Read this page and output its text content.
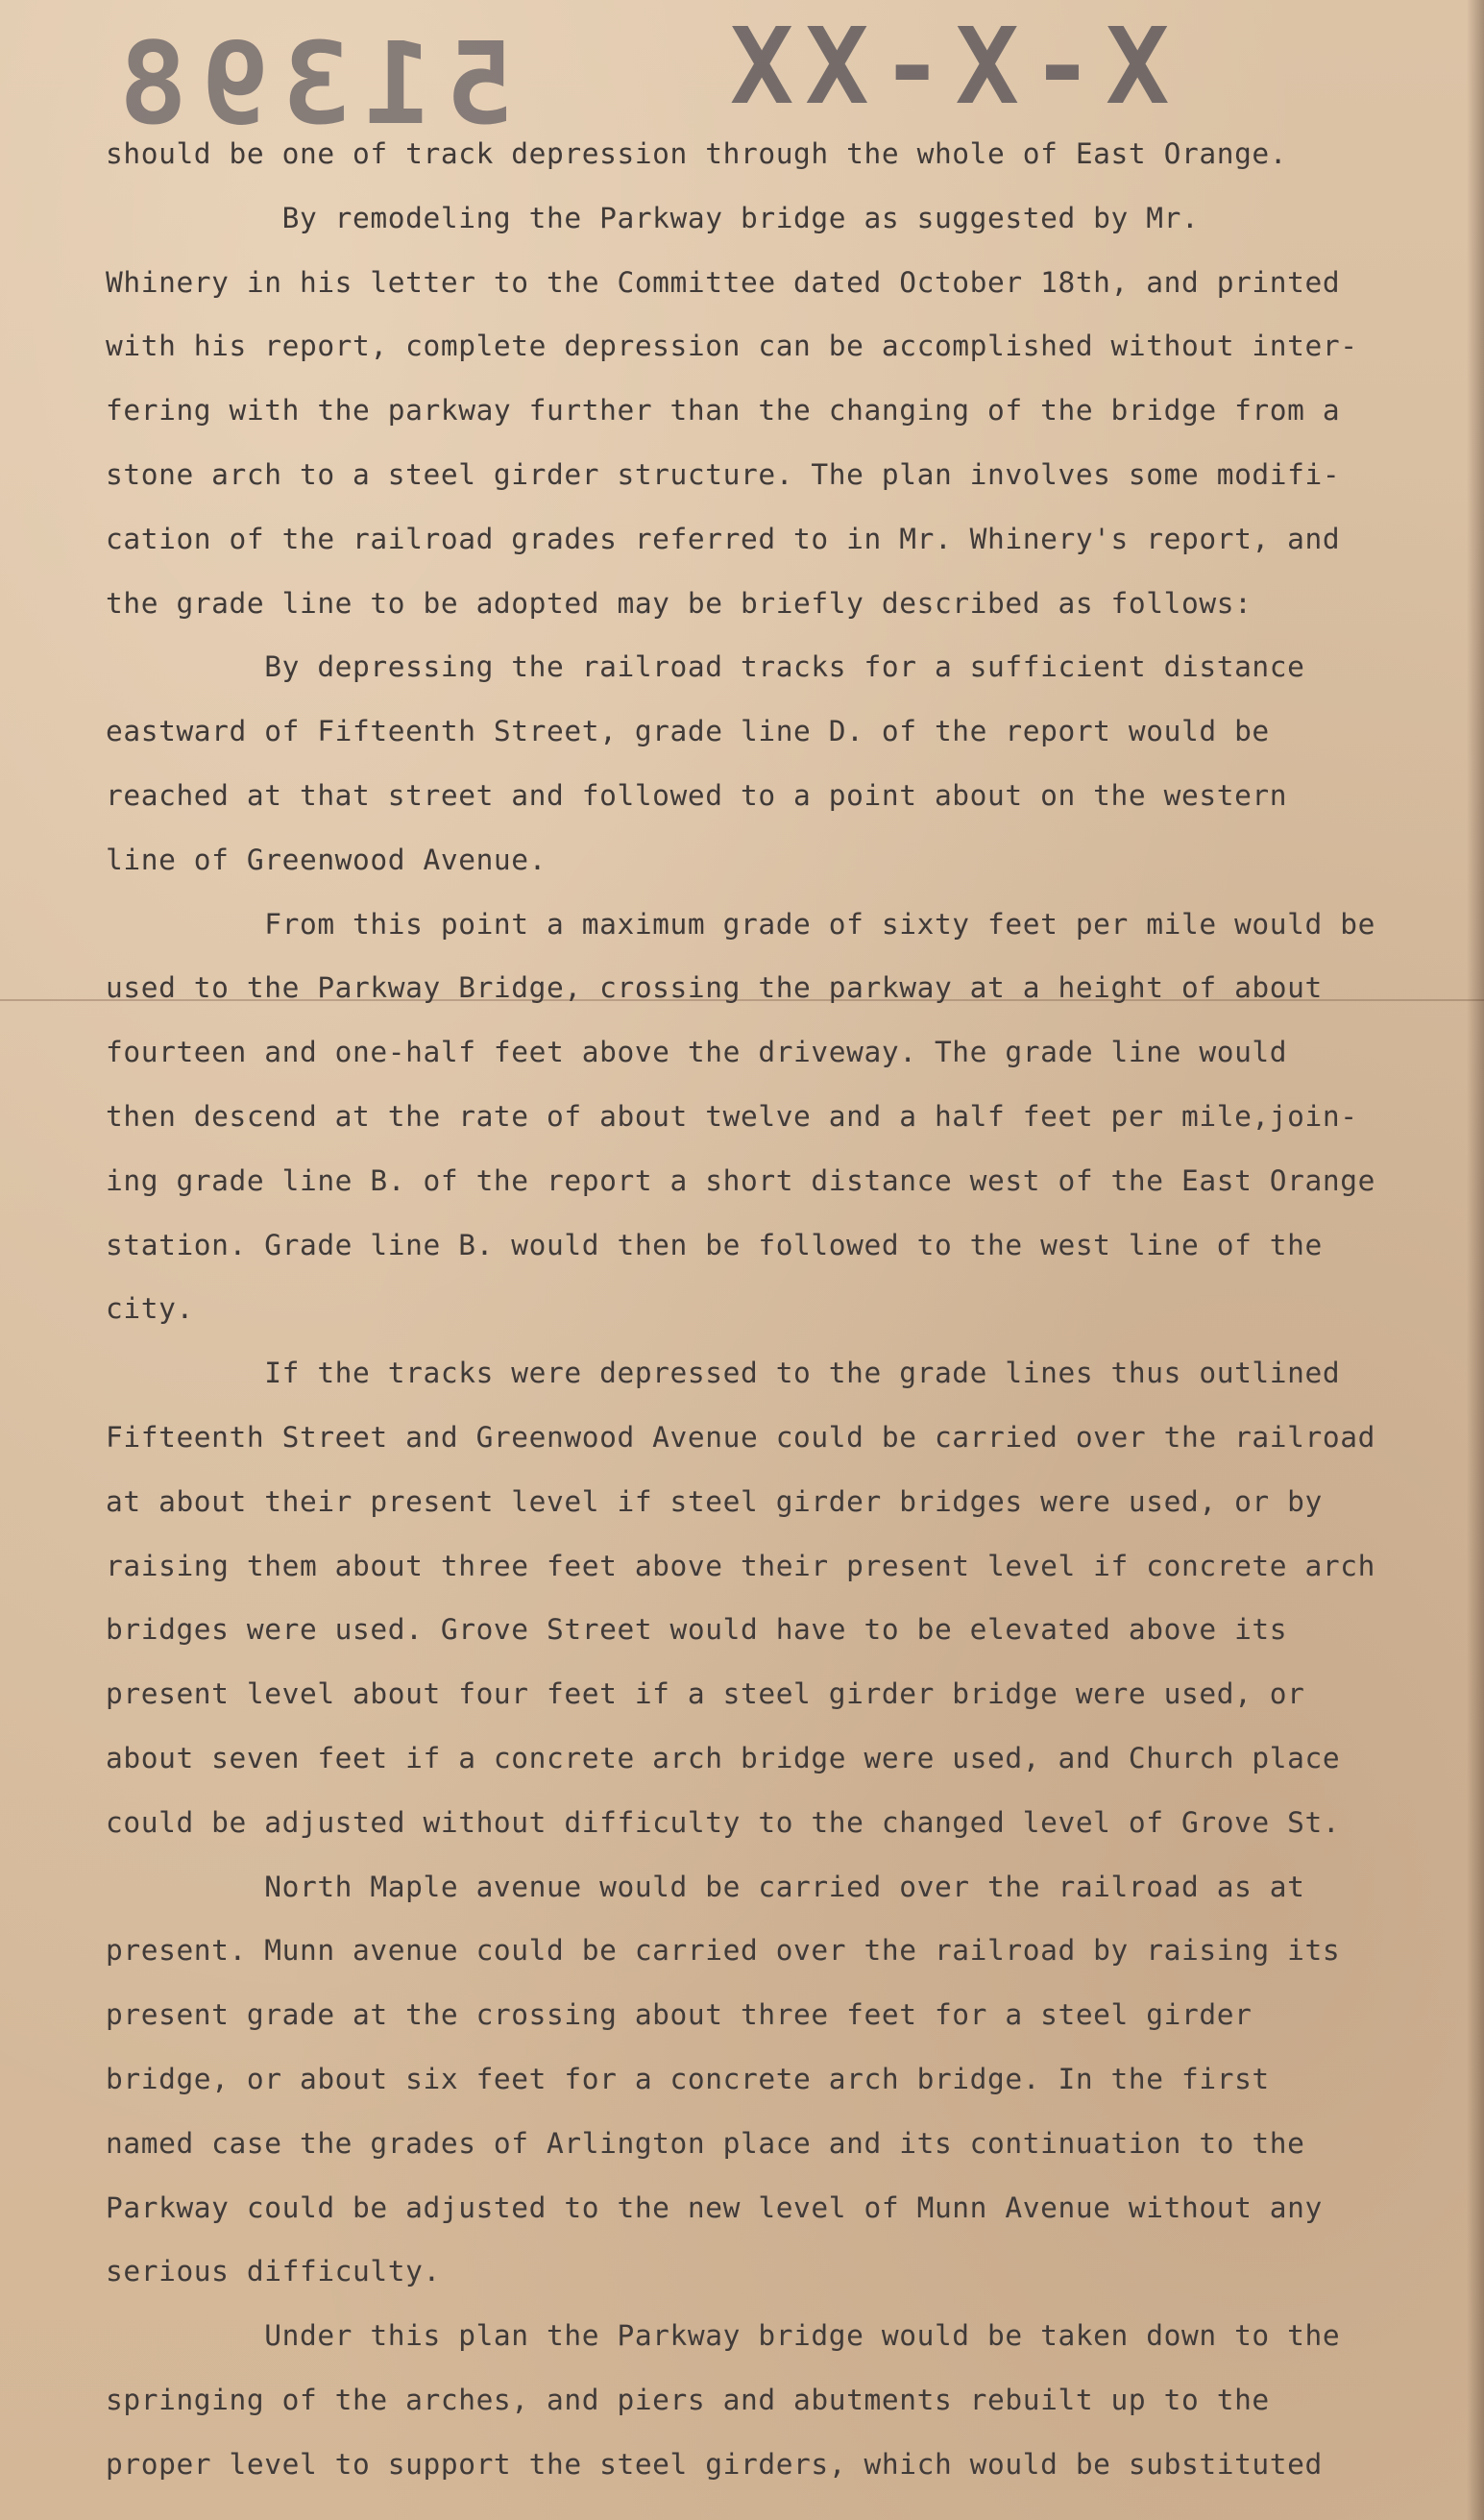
51398 XX-X-X
should be one of track depression through the whole of East Orange.
By remodeling the Parkway bridge as suggested by Mr.
Whinery in his letter to the Committee dated October 18th, and printed
with his report, complete depression can be accomplished without inter-
fering with the parkway further than the changing of the bridge from a
stone arch to a steel girder structure. The plan involves some modifi-
cation of the railroad grades referred to in Mr. Whinery's report, and
the grade line to be adopted may be briefly described as follows:
By depressing the railroad tracks for a sufficient distance
eastward of Fifteenth Street, grade line D. of the report would be
reached at that street and followed to a point about on the western
line of Greenwood Avenue.
From this point a maximum grade of sixty feet per mile would be
used to the Parkway Bridge, crossing the parkway at a height of about
fourteen and one-half feet above the driveway. The grade line would
then descend at the rate of about twelve and a half feet per mile,join-
ing grade line B. of the report a short distance west of the East Orange
station. Grade line B. would then be followed to the west line of the
city.
If the tracks were depressed to the grade lines thus outlined
Fifteenth Street and Greenwood Avenue could be carried over the railroad
at about their present level if steel girder bridges were used, or by
raising them about three feet above their present level if concrete arch
bridges were used. Grove Street would have to be elevated above its
present level about four feet if a steel girder bridge were used, or
about seven feet if a concrete arch bridge were used, and Church place
could be adjusted without difficulty to the changed level of Grove St.
North Maple avenue would be carried over the railroad as at
present. Munn avenue could be carried over the railroad by raising its
present grade at the crossing about three feet for a steel girder
bridge, or about six feet for a concrete arch bridge. In the first
named case the grades of Arlington place and its continuation to the
Parkway could be adjusted to the new level of Munn Avenue without any
serious difficulty.
Under this plan the Parkway bridge would be taken down to the
springing of the arches, and piers and abutments rebuilt up to the
proper level to support the steel girders, which would be substituted
